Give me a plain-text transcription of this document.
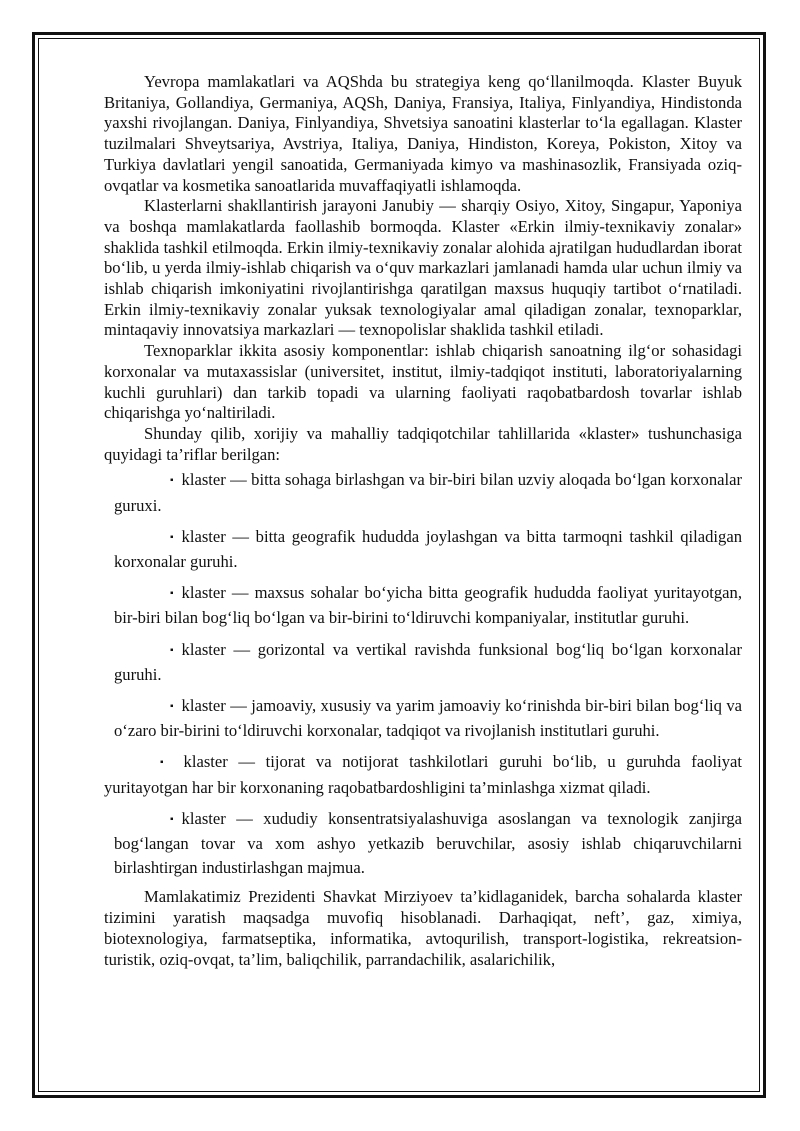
Yevropa mamlakatlari va AQShda bu strategiya keng qo‘llanilmoqda. Klaster Buyuk Britaniya, Gollandiya, Germaniya, AQSh, Daniya, Fransiya, Italiya, Finlyandiya, Hindistonda yaxshi rivojlangan. Daniya, Finlyandiya, Shvetsiya sanoatini klasterlar to‘la egallagan. Klaster tuzilmalari Shveytsariya, Avstriya, Italiya, Daniya, Hindiston, Koreya, Pokiston, Xitoy va Turkiya davlatlari yengil sanoatida, Germaniyada kimyo va mashinasozlik, Fransiyada oziq-ovqatlar va kosmetika sanoatlarida muvaffaqiyatli ishlamoqda.

Klasterlarni shakllantirish jarayoni Janubiy — sharqiy Osiyo, Xitoy, Singapur, Yaponiya va boshqa mamlakatlarda faollashib bormoqda. Klaster «Erkin ilmiy-texnikaviy zonalar» shaklida tashkil etilmoqda. Erkin ilmiy-texnikaviy zonalar alohida ajratilgan hududlardan iborat bo‘lib, u yerda ilmiy-ishlab chiqarish va o‘quv markazlari jamlanadi hamda ular uchun ilmiy va ishlab chiqarish imkoniyatini rivojlantirishga qaratilgan maxsus huquqiy tartibot o‘rnatiladi. Erkin ilmiy-texnikaviy zonalar yuksak texnologiyalar amal qiladigan zonalar, texnoparklar, mintaqaviy innovatsiya markazlari — texnopolislar shaklida tashkil etiladi.

Texnoparklar ikkita asosiy komponentlar: ishlab chiqarish sanoatning ilg‘or sohasidagi korxonalar va mutaxassislar (universitet, institut, ilmiy-tadqiqot instituti, laboratoriyalarning kuchli guruhlari) dan tarkib topadi va ularning faoliyati raqobatbardosh tovarlar ishlab chiqarishga yo‘naltiriladi.

Shunday qilib, xorijiy va mahalliy tadqiqotchilar tahlillarida «klaster» tushunchasiga quyidagi ta’riflar berilgan:

▪ klaster — bitta sohaga birlashgan va bir-biri bilan uzviy aloqada bo‘lgan korxonalar guruxi.
▪ klaster — bitta geografik hududda joylashgan va bitta tarmoqni tashkil qiladigan korxonalar guruhi.
▪ klaster — maxsus sohalar bo‘yicha bitta geografik hududda faoliyat yuritayotgan, bir-biri bilan bog‘liq bo‘lgan va bir-birini to‘ldiruvchi kompaniyalar, institutlar guruhi.
▪ klaster — gorizontal va vertikal ravishda funksional bog‘liq bo‘lgan korxonalar guruhi.
▪ klaster — jamoaviy, xususiy va yarim jamoaviy ko‘rinishda bir-biri bilan bog‘liq va o‘zaro bir-birini to‘ldiruvchi korxonalar, tadqiqot va rivojlanish institutlari guruhi.
▪ klaster — tijorat va notijorat tashkilotlari guruhi bo‘lib, u guruhda faoliyat yuritayotgan har bir korxonaning raqobatbardoshligini ta’minlashga xizmat qiladi.
▪ klaster — xududiy konsentratsiyalashuviga asoslangan va texnologik zanjirga bog‘langan tovar va xom ashyo yetkazib beruvchilar, asosiy ishlab chiqaruvchilarni birlashtirgan industirlashgan majmua.

Mamlakatimiz Prezidenti Shavkat Mirziyoev ta’kidlaganidek, barcha sohalarda klaster tizimini yaratish maqsadga muvofiq hisoblanadi. Darhaqiqat, neft’, gaz, ximiya, biotexnologiya, farmatseptika, informatika, avtoqurilish, transport-logistika, rekreatsion-turistik, oziq-ovqat, ta’lim, baliqchilik, parrandachilik, asalarichilik,
